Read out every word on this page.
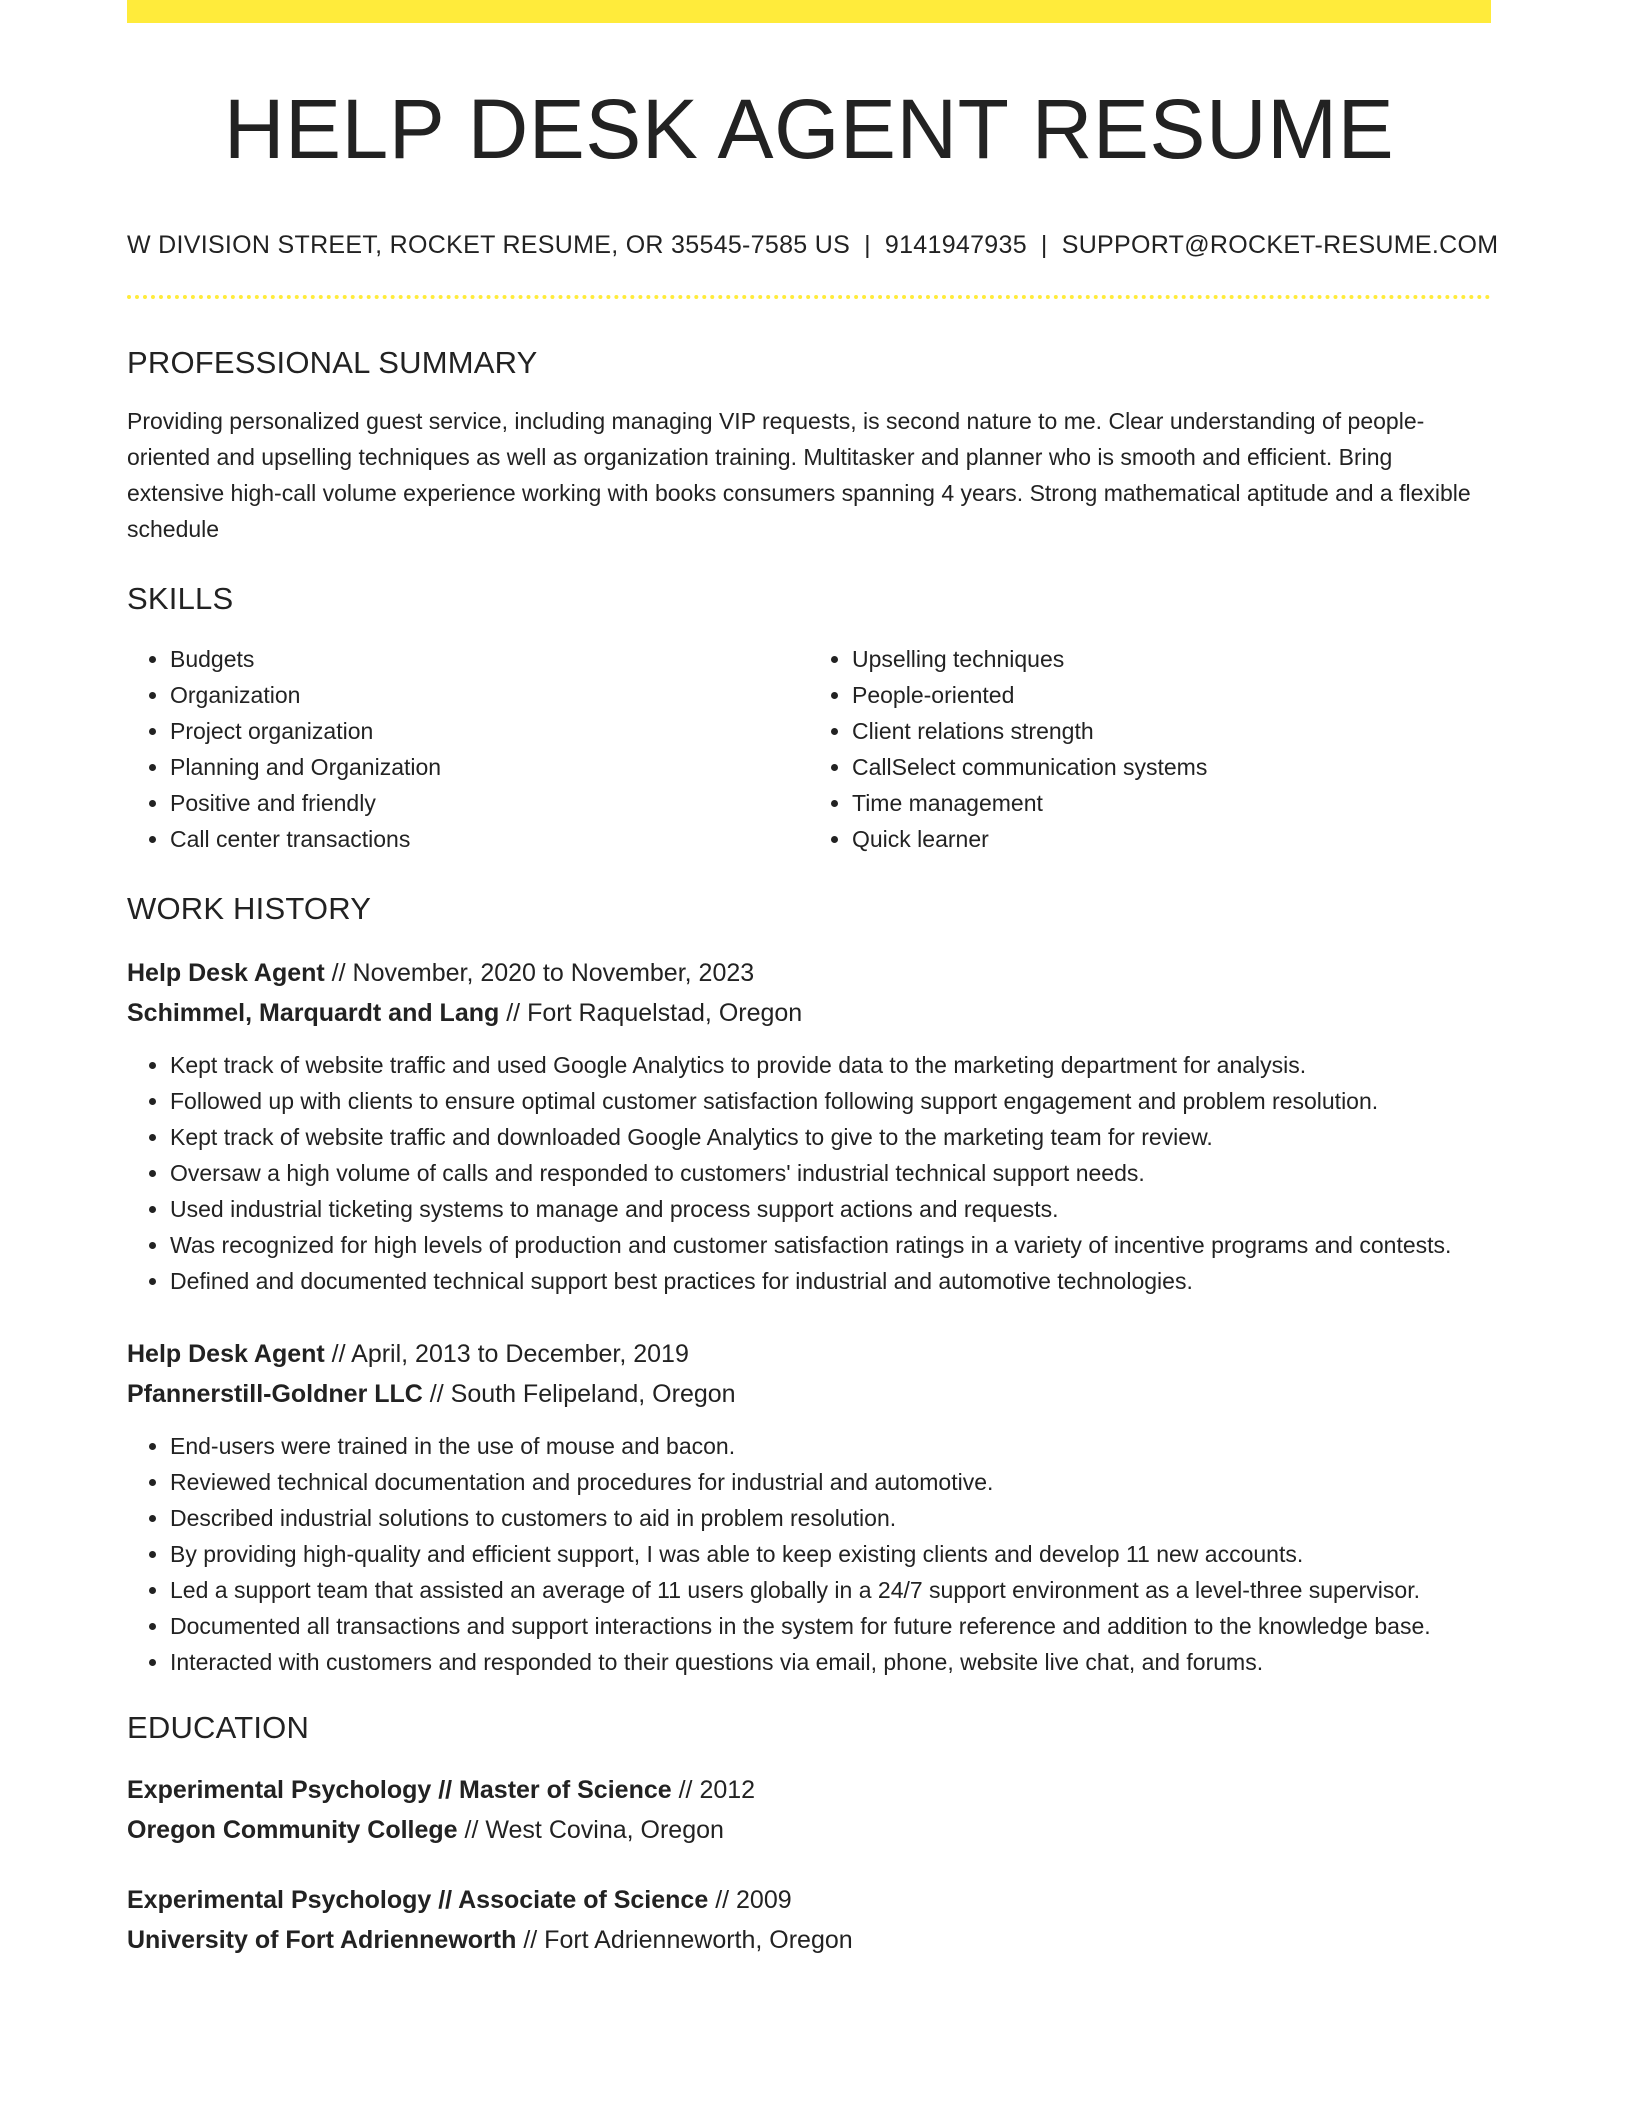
HELP DESK AGENT RESUME
W DIVISION STREET, ROCKET RESUME, OR 35545-7585 US | 9141947935 | SUPPORT@ROCKET-RESUME.COM
PROFESSIONAL SUMMARY

Providing personalized guest service, including managing VIP requests, is second nature to me. Clear understanding of people-oriented and upselling techniques as well as organization training. Multitasker and planner who is smooth and efficient. Bring extensive high-call volume experience working with books consumers spanning 4 years. Strong mathematical aptitude and a flexible schedule

SKILLS
• Budgets
• Organization
• Project organization
• Planning and Organization
• Positive and friendly
• Call center transactions
• Upselling techniques
• People-oriented
• Client relations strength
• CallSelect communication systems
• Time management
• Quick learner
WORK HISTORY
Help Desk Agent // November, 2020 to November, 2023
Schimmel, Marquardt and Lang // Fort Raquelstad, Oregon
• Kept track of website traffic and used Google Analytics to provide data to the marketing department for analysis.
• Followed up with clients to ensure optimal customer satisfaction following support engagement and problem resolution.
• Kept track of website traffic and downloaded Google Analytics to give to the marketing team for review.
• Oversaw a high volume of calls and responded to customers' industrial technical support needs.
• Used industrial ticketing systems to manage and process support actions and requests.
• Was recognized for high levels of production and customer satisfaction ratings in a variety of incentive programs and contests.
• Defined and documented technical support best practices for industrial and automotive technologies.
Help Desk Agent // April, 2013 to December, 2019
Pfannerstill-Goldner LLC // South Felipeland, Oregon
• End-users were trained in the use of mouse and bacon.
• Reviewed technical documentation and procedures for industrial and automotive.
• Described industrial solutions to customers to aid in problem resolution.
• By providing high-quality and efficient support, I was able to keep existing clients and develop 11 new accounts.
• Led a support team that assisted an average of 11 users globally in a 24/7 support environment as a level-three supervisor.
• Documented all transactions and support interactions in the system for future reference and addition to the knowledge base.
• Interacted with customers and responded to their questions via email, phone, website live chat, and forums.
EDUCATION
Experimental Psychology // Master of Science // 2012
Oregon Community College // West Covina, Oregon
Experimental Psychology // Associate of Science // 2009
University of Fort Adrienneworth // Fort Adrienneworth, Oregon
